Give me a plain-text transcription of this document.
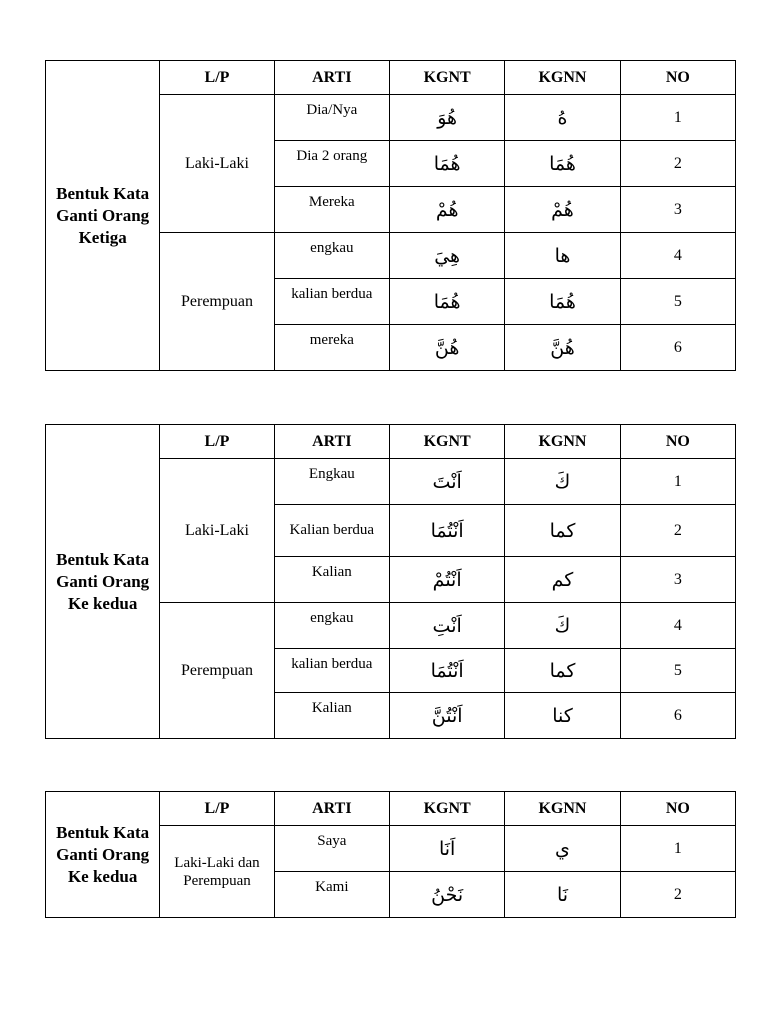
Bentuk Kata Ganti Orang Ketiga	L/P	ARTI	KGNT	KGNN	NO
	Laki-Laki	Dia/Nya	هُوَ	هُ	1
		Dia 2 orang	هُمَا	هُمَا	2
		Mereka	هُمْ	هُمْ	3
	Perempuan	engkau	هِيَ	ها	4
		kalian berdua	هُمَا	هُمَا	5
		mereka	هُنَّ	هُنَّ	6
Bentuk Kata Ganti Orang Ke kedua	L/P	ARTI	KGNT	KGNN	NO
	Laki-Laki	Engkau	اَنْتَ	كَ	1
		Kalian berdua	اَنْتُمَا	كما	2
		Kalian	اَنْتُمْ	كم	3
	Perempuan	engkau	اَنْتِ	كَ	4
		kalian berdua	اَنْتُمَا	كما	5
		Kalian	اَنْتُنَّ	كنا	6
Bentuk Kata Ganti Orang Ke kedua	L/P	ARTI	KGNT	KGNN	NO
	Laki-Laki dan Perempuan	Saya	اَنَا	ي	1
		Kami	نَحْنُ	نَا	2
